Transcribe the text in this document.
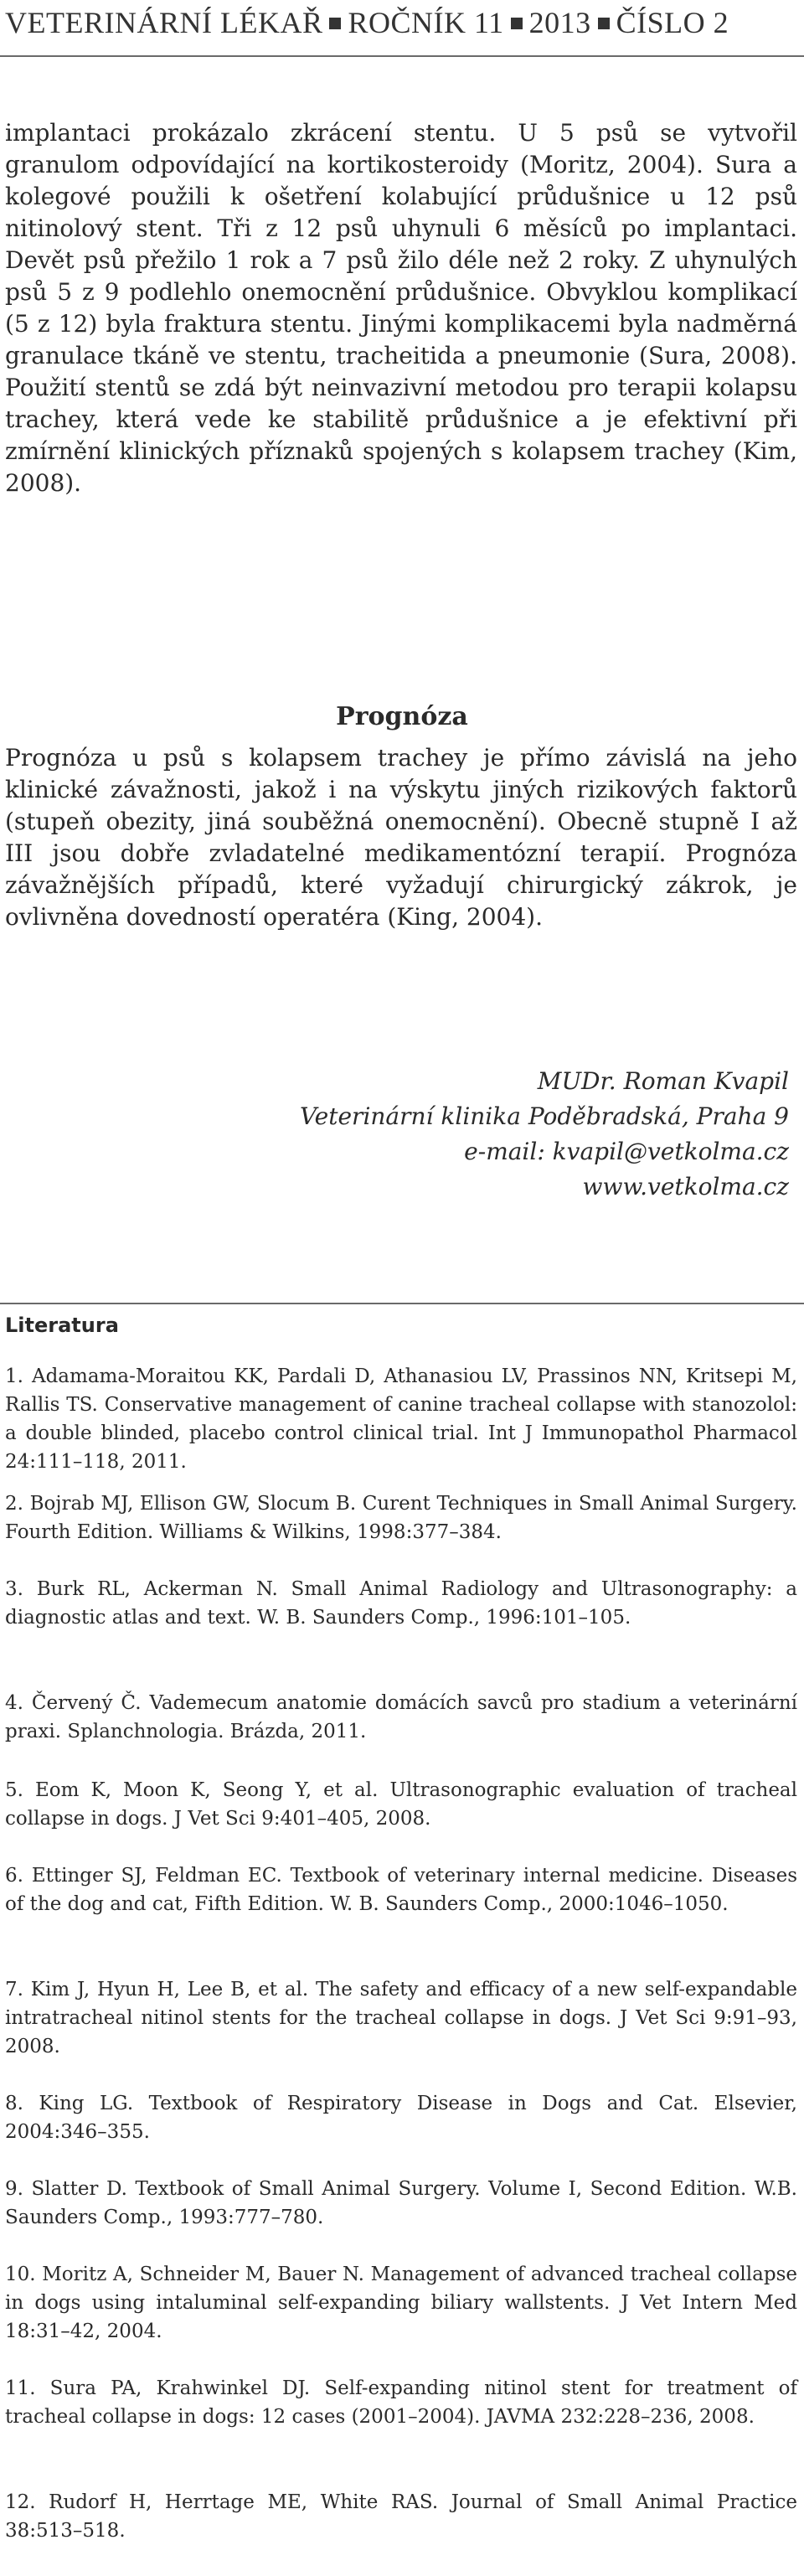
VETERINÁRNÍ LÉKAŘ ROČNÍK 11 2013 ČÍSLO 2

implantaci prokázalo zkrácení stentu. U 5 psů se vytvořil granulom odpovídající na kortikosteroidy (Moritz, 2004). Sura a kolegové použili k ošetření kolabující průdušnice u 12 psů nitinolový stent. Tři z 12 psů uhynuli 6 měsíců po implantaci. Devět psů přežilo 1 rok a 7 psů žilo déle než 2 roky. Z uhynulých psů 5 z 9 podlehlo onemocnění průdušnice. Obvyklou komplikací (5 z 12) byla fraktura stentu. Jinými komplikacemi byla nadměrná granulace tkáně ve stentu, tracheitida a pneumonie (Sura, 2008). Použití stentů se zdá být neinvazivní metodou pro terapii kolapsu trachey, která vede ke stabilitě průdušnice a je efektivní při zmírnění klinických příznaků spojených s kolapsem trachey (Kim, 2008).

Prognóza

Prognóza u psů s kolapsem trachey je přímo závislá na jeho klinické závažnosti, jakož i na výskytu jiných rizikových faktorů (stupeň obezity, jiná souběžná onemocnění). Obecně stupně I až III jsou dobře zvladatelné medikamentózní terapií. Prognóza závažnějších případů, které vyžadují chirurgický zákrok, je ovlivněna dovedností operatéra (King, 2004).

MUDr. Roman Kvapil
Veterinární klinika Poděbradská, Praha 9
e-mail: kvapil@vetkolma.cz
www.vetkolma.cz
Literatura

1. Adamama-Moraitou KK, Pardali D, Athanasiou LV, Prassinos NN, Kritsepi M, Rallis TS. Conservative management of canine tracheal collapse with stanozolol: a double blinded, placebo control clinical trial. Int J Immunopathol Pharmacol 24:111–118, 2011.

2. Bojrab MJ, Ellison GW, Slocum B. Curent Techniques in Small Animal Surgery. Fourth Edition. Williams & Wilkins, 1998:377–384.

3. Burk RL, Ackerman N. Small Animal Radiology and Ultrasonography: a diagnostic atlas and text. W. B. Saunders Comp., 1996:101–105.

4. Červený Č. Vademecum anatomie domácích savců pro stadium a veterinární praxi. Splanchnologia. Brázda, 2011.

5. Eom K, Moon K, Seong Y, et al. Ultrasonographic evaluation of tracheal collapse in dogs. J Vet Sci 9:401–405, 2008.

6. Ettinger SJ, Feldman EC. Textbook of veterinary internal medicine. Diseases of the dog and cat, Fifth Edition. W. B. Saunders Comp., 2000:1046–1050.

7. Kim J, Hyun H, Lee B, et al. The safety and efficacy of a new self-expandable intratracheal nitinol stents for the tracheal collapse in dogs. J Vet Sci 9:91–93, 2008.

8. King LG. Textbook of Respiratory Disease in Dogs and Cat. Elsevier, 2004:346–355.

9. Slatter D. Textbook of Small Animal Surgery. Volume I, Second Edition. W.B. Saunders Comp., 1993:777–780.

10. Moritz A, Schneider M, Bauer N. Management of advanced tracheal collapse in dogs using intaluminal self-expanding biliary wallstents. J Vet Intern Med 18:31–42, 2004.

11. Sura PA, Krahwinkel DJ. Self-expanding nitinol stent for treatment of tracheal collapse in dogs: 12 cases (2001–2004). JAVMA 232:228–236, 2008.

12. Rudorf H, Herrtage ME, White RAS. Journal of Small Animal Practice 38:513–518.
